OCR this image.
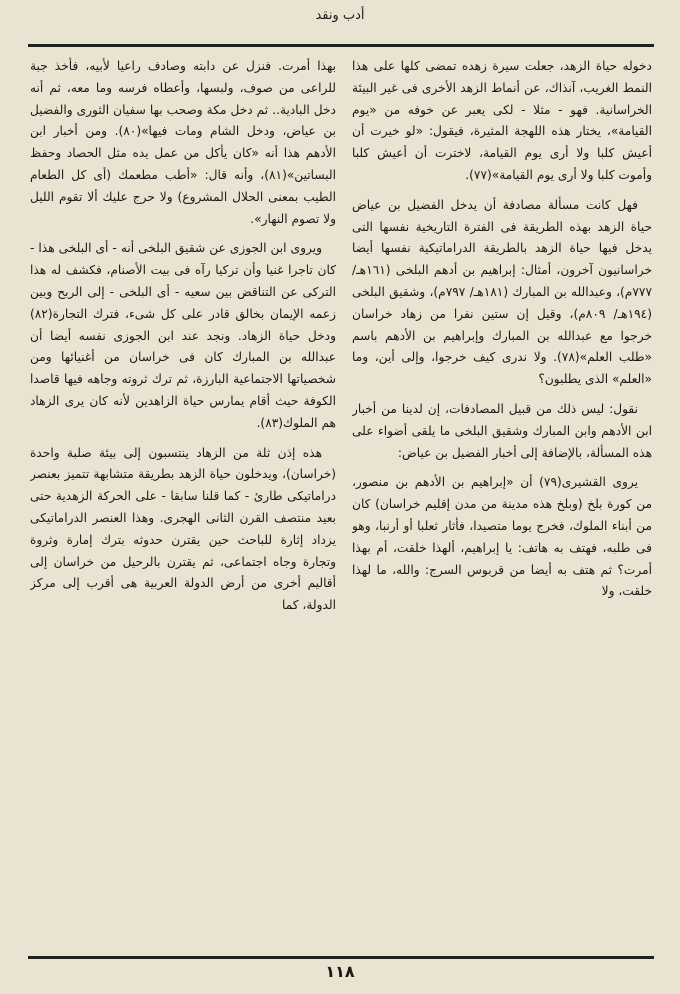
أدب ونقد

دخوله حياة الزهد، جعلت سيرة زهده تمضى كلها على هذا النمط الغريب، آنذاك، عن أنماط الزهد الأخرى فى غير البيئة الخراسانية. فهو - مثلا - لكى يعبر عن خوفه من «يوم القيامة»، يختار هذه اللهجة المثيرة، فيقول: «لو خيرت أن أعيش كلبا ولا أرى يوم القيامة، لاخترت أن أعيش كلبا وأموت كلبا ولا أرى يوم القيامة»(٧٧).

فهل كانت مسألة مصادفة أن يدخل الفضيل بن عياض حياة الزهد بهذه الطريقة فى الفترة التاريخية نفسها التى يدخل فيها حياة الزهد بالطريقة الدراماتيكية نفسها أيضا خراسانيون آخرون، أمثال: إبراهيم بن أدهم البلخى (١٦١هـ/ ٧٧٧م)، وعبدالله بن المبارك (١٨١هـ/ ٧٩٧م)، وشقيق البلخى (١٩٤هـ/ ٨٠٩م)، وقيل إن ستين نفرا من زهاد خراسان خرجوا مع عبدالله بن المبارك وإبراهيم بن الأدهم باسم «طلب العلم»(٧٨). ولا ندرى كيف خرجوا، وإلى أين، وما «العلم» الذى يطلبون؟

نقول: ليس ذلك من قبيل المصادفات، إن لدينا من أخبار ابن الأدهم وابن المبارك وشقيق البلخى ما يلقى أضواء على هذه المسألة، بالإضافة إلى أخبار الفضيل بن عياض:

يروى القشيرى(٧٩) أن «إبراهيم بن الأدهم بن منصور، من كورة بلخ (وبلخ هذه مدينة من مدن إقليم خراسان) كان من أبناء الملوك، فخرج يوما متصيدا، فأثار ثعلبا أو أرنبا، وهو فى طلبه، فهتف به هاتف: يا إبراهيم، ألهذا خلقت، أم بهذا أمرت؟ ثم هتف به أيضا من قربوس السرج: والله، ما لهذا خلقت، ولا

بهذا أمرت. فنزل عن دابته وصادف راعيا لأبيه، فأخذ جبة للراعى من صوف، ولبسها، وأعطاه فرسه وما معه، ثم أنه دخل البادية.. ثم دخل مكة وصحب بها سفيان الثورى والفضيل بن عياض، ودخل الشام ومات فيها»(٨٠). ومن أخبار ابن الأدهم هذا أنه «كان يأكل من عمل يده مثل الحصاد وحفظ البساتين»(٨١)، وأنه قال: «أطب مطعمك (أى كل الطعام الطيب بمعنى الحلال المشروع) ولا حرج عليك ألا تقوم الليل ولا تصوم النهار».

ويروى ابن الجوزى عن شقيق البلخى أنه - أى البلخى هذا - كان تاجرا غنيا وأن تركيا رآه فى بيت الأصنام، فكشف له هذا التركى عن التناقض بين سعيه - أى البلخى - إلى الربح وبين زعمه الإيمان بخالق قادر على كل شىء، فترك التجارة(٨٢) ودخل حياة الزهاد. ونجد عند ابن الجوزى نفسه أيضا أن عبدالله بن المبارك كان فى خراسان من أغنيائها ومن شخصياتها الاجتماعية البارزة، ثم ترك ثروته وجاهه فيها قاصدا الكوفة حيث أقام يمارس حياة الزاهدين لأنه كان يرى الزهاد هم الملوك(٨٣).

هذه إذن ثلة من الزهاد ينتسبون إلى بيئة صلبة واحدة (خراسان)، ويدخلون حياة الزهد بطريقة متشابهة تتميز بعنصر دراماتيكى طارئ - كما قلنا سابقا - على الحركة الزهدية حتى بعيد منتصف القرن الثانى الهجرى. وهذا العنصر الدراماتيكى يزداد إثارة للباحث حين يقترن حدوثه بترك إمارة وثروة وتجارة وجاه اجتماعى، ثم يقترن بالرحيل من خراسان إلى أقاليم أخرى من أرض الدولة العربية هى أقرب إلى مركز الدولة، كما

١١٨
